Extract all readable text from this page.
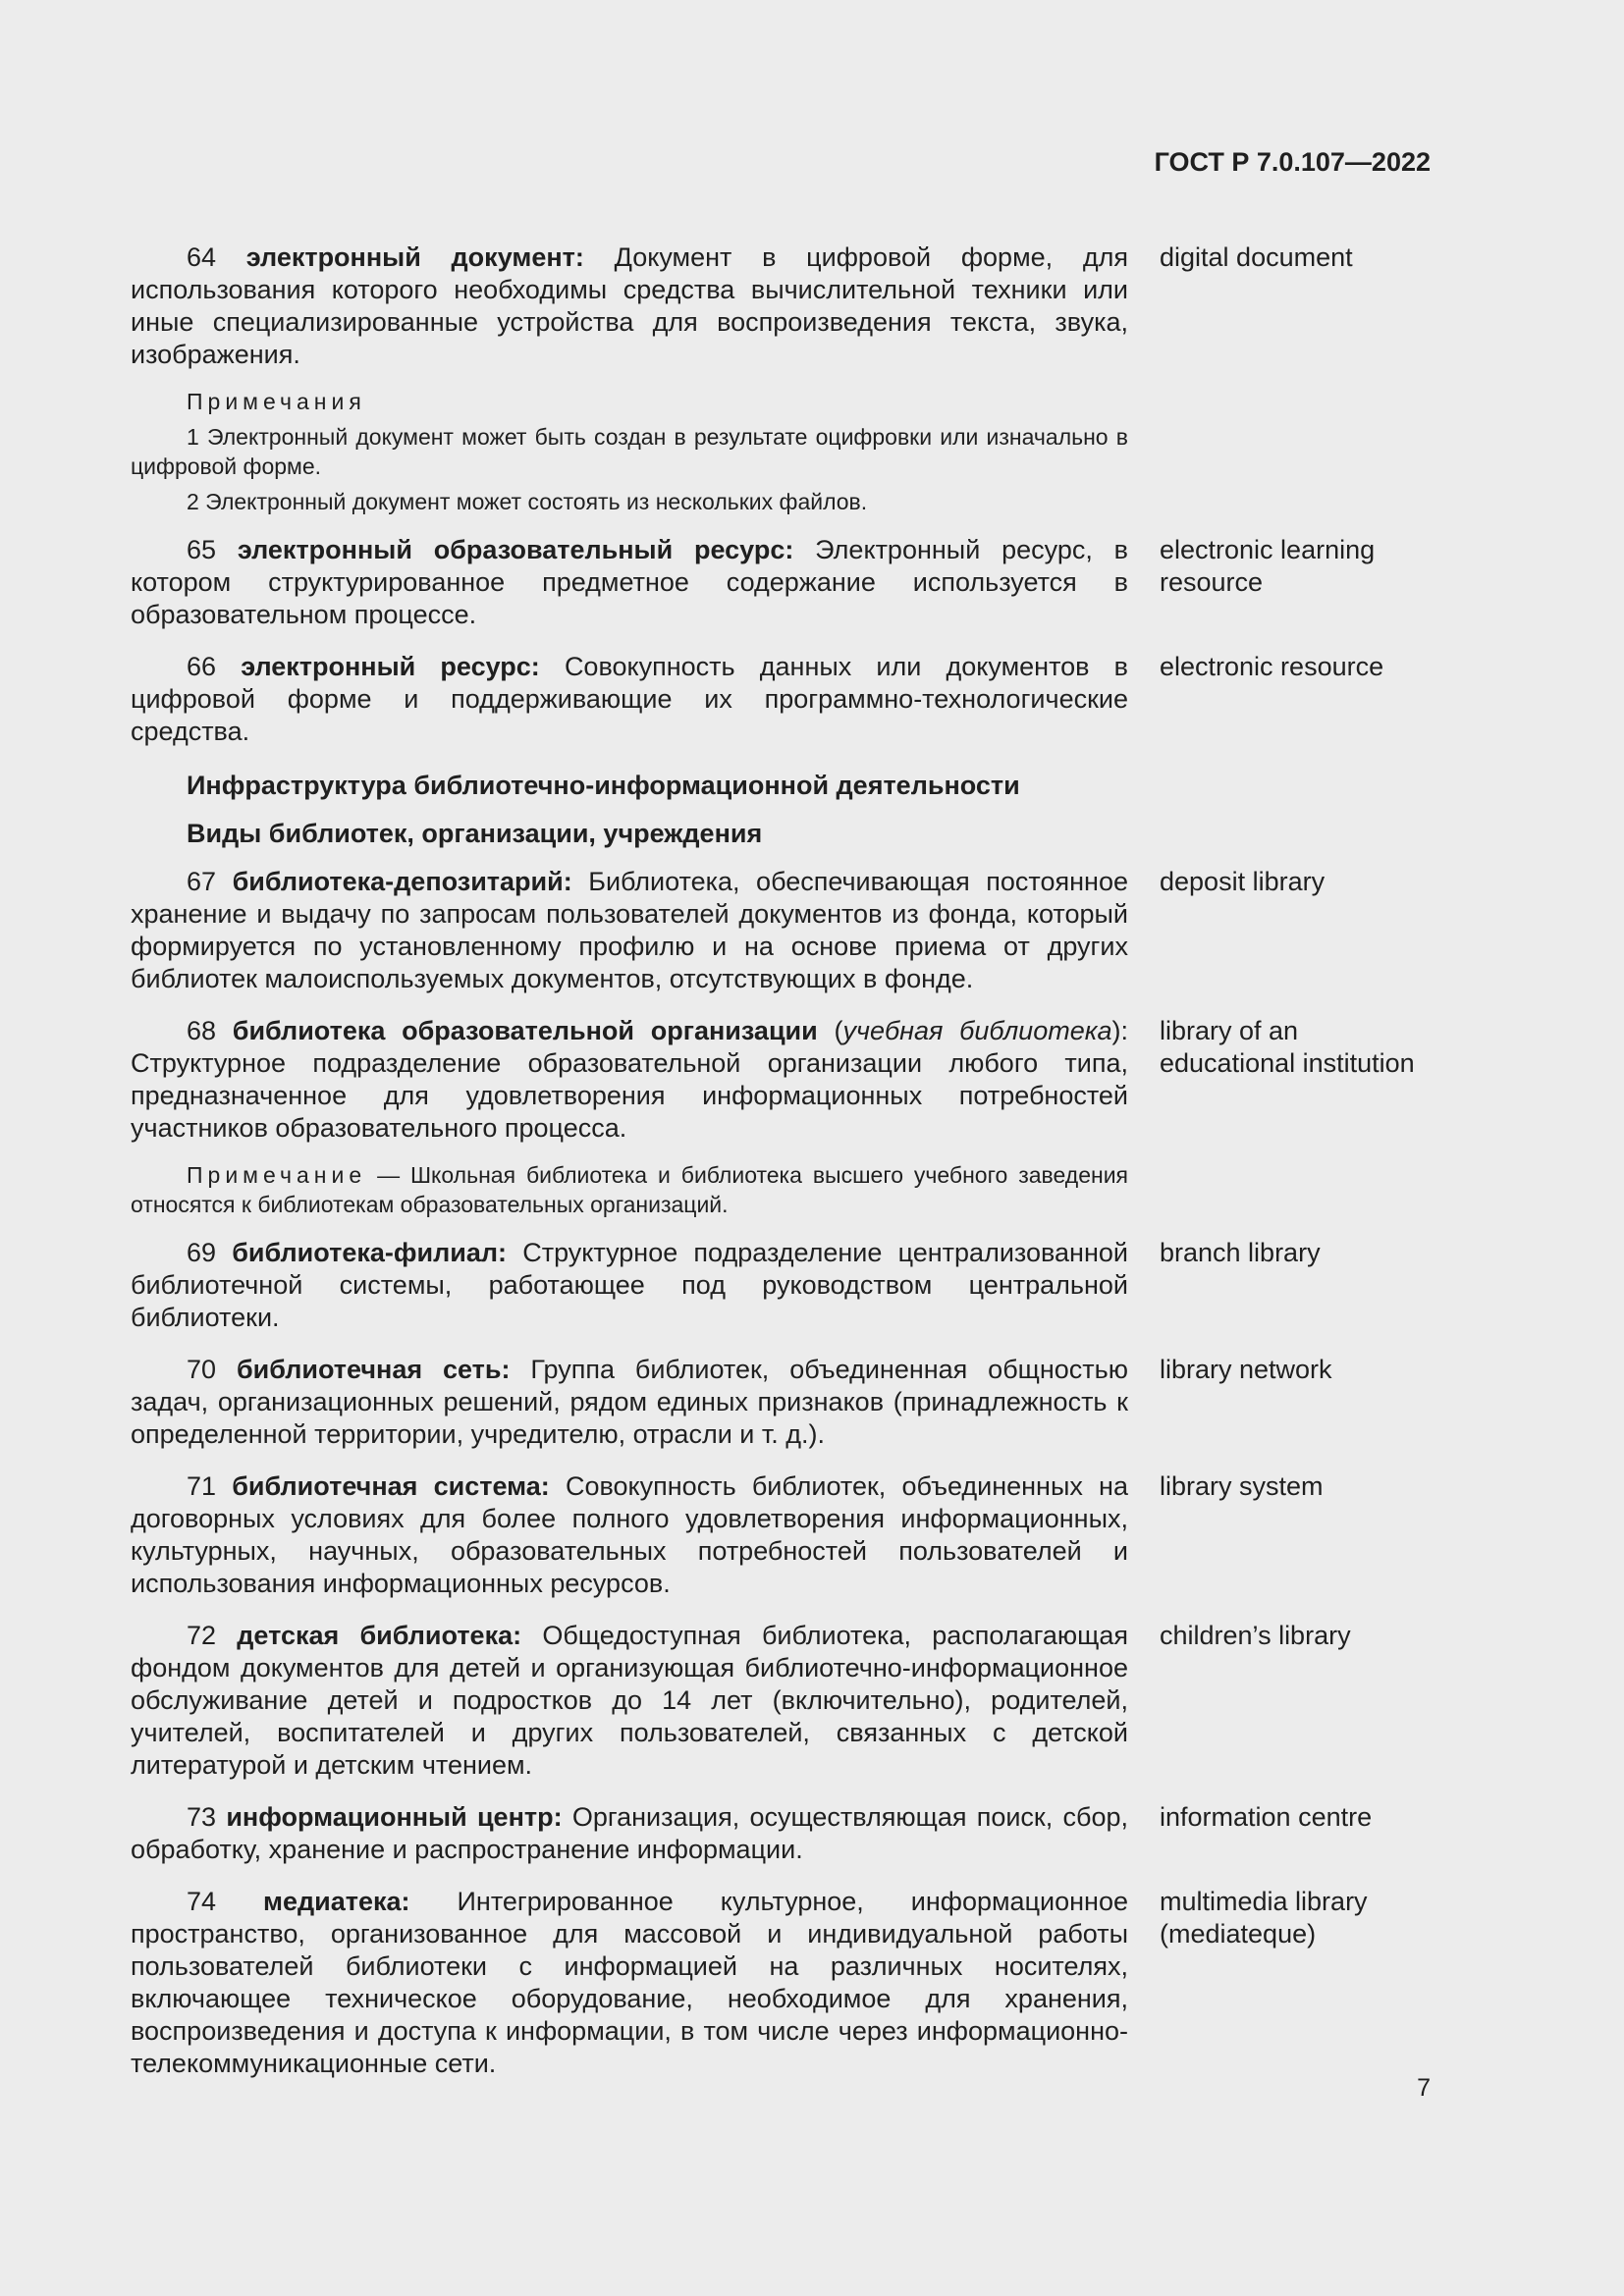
ГОСТ Р 7.0.107—2022
64 электронный документ: Документ в цифровой форме, для использования которого необходимы средства вычислительной техники или иные специализированные устройства для воспроизведения текста, звука, изображения.
digital document
Примечания
1 Электронный документ может быть создан в результате оцифровки или изначально в цифровой форме.
2 Электронный документ может состоять из нескольких файлов.
65 электронный образовательный ресурс: Электронный ресурс, в котором структурированное предметное содержание используется в образовательном процессе.
electronic learning resource
66 электронный ресурс: Совокупность данных или документов в цифровой форме и поддерживающие их программно-технологические средства.
electronic resource
Инфраструктура библиотечно-информационной деятельности
Виды библиотек, организации, учреждения
67 библиотека-депозитарий: Библиотека, обеспечивающая постоянное хранение и выдачу по запросам пользователей документов из фонда, который формируется по установленному профилю и на основе приема от других библиотек малоиспользуемых документов, отсутствующих в фонде.
deposit library
68 библиотека образовательной организации (учебная библиотека): Структурное подразделение образовательной организации любого типа, предназначенное для удовлетворения информационных потребностей участников образовательного процесса.
library of an educational institution
Примечание — Школьная библиотека и библиотека высшего учебного заведения относятся к библиотекам образовательных организаций.
69 библиотека-филиал: Структурное подразделение централизованной библиотечной системы, работающее под руководством центральной библиотеки.
branch library
70 библиотечная сеть: Группа библиотек, объединенная общностью задач, организационных решений, рядом единых признаков (принадлежность к определенной территории, учредителю, отрасли и т. д.).
library network
71 библиотечная система: Совокупность библиотек, объединенных на договорных условиях для более полного удовлетворения информационных, культурных, научных, образовательных потребностей пользователей и использования информационных ресурсов.
library system
72 детская библиотека: Общедоступная библиотека, располагающая фондом документов для детей и организующая библиотечно-информационное обслуживание детей и подростков до 14 лет (включительно), родителей, учителей, воспитателей и других пользователей, связанных с детской литературой и детским чтением.
children’s library
73 информационный центр: Организация, осуществляющая поиск, сбор, обработку, хранение и распространение информации.
information centre
74 медиатека: Интегрированное культурное, информационное пространство, организованное для массовой и индивидуальной работы пользователей библиотеки с информацией на различных носителях, включающее техническое оборудование, необходимое для хранения, воспроизведения и доступа к информации, в том числе через информационно-телекоммуникационные сети.
multimedia library (mediateque)
7
